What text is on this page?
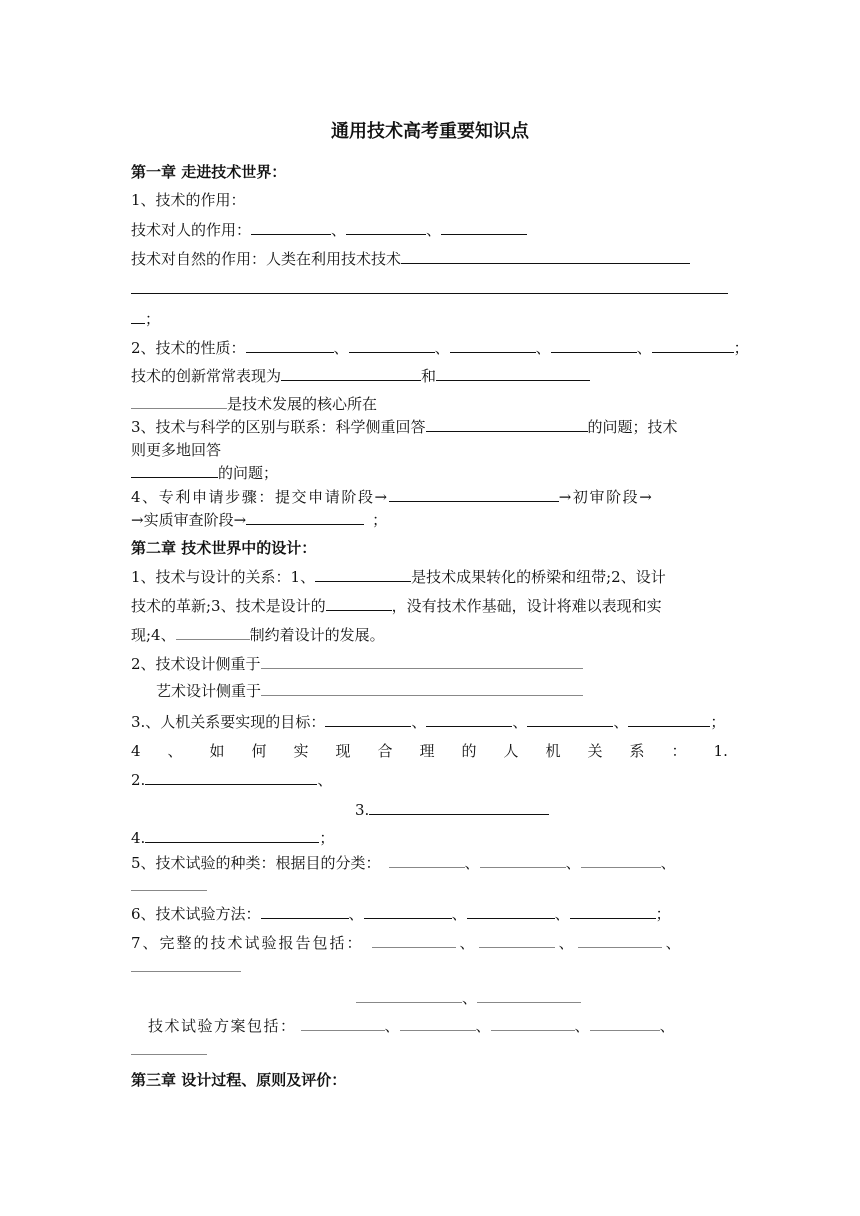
通用技术高考重要知识点
第一章 走进技术世界：
1、技术的作用：
技术对人的作用：	、	、
技术对自然的作用：人类在利用技术技术
；
2、技术的性质：	、	、	、	、	；
技术的创新常常表现为	和
是技术发展的核心所在
3、技术与科学的区别与联系：科学侧重回答	的问题；技术
则更多地回答
的问题；
4、专利申请步骤：提交申请阶段→	→初审阶段→
→实质审查阶段→	；
第二章 技术世界中的设计：
1、技术与设计的关系：1、	是技术成果转化的桥梁和纽带;2、设计
技术的革新;3、技术是设计的	，没有技术作基础，设计将难以表现和实
现;4、	制约着设计的发展。
2、技术设计侧重于
艺术设计侧重于
3.、人机关系要实现的目标：	、	、	、	；
4 、 如 何 实 现 合 理 的 人 机 关 系 ： 1.
2.	、
3.
4.	；
5、技术试验的种类：根据目的分类：	、	、	、
6、技术试验方法：	、	、	、	；
7、完整的技术试验报告包括：	、	、	、
、
技术试验方案包括：	、	、	、	、
第三章 设计过程、原则及评价：
